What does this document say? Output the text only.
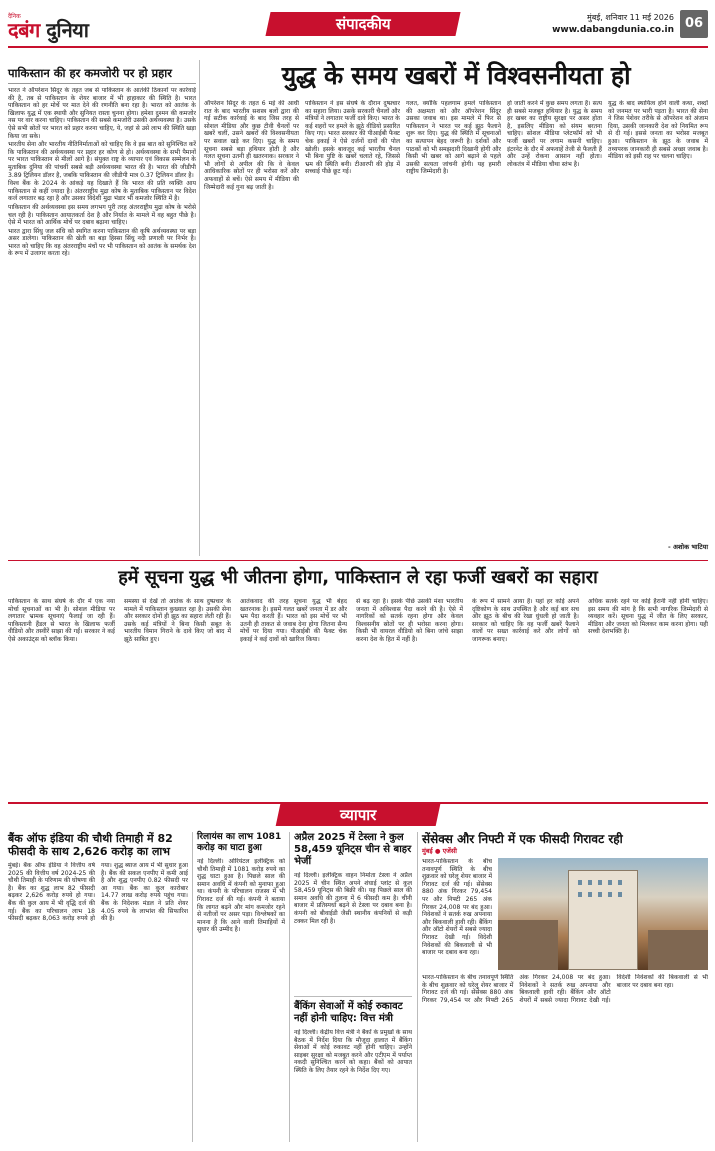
दैनिक
दबंग दुनिया	संपादकीय	मुंबई, शनिवार 11 मई 2026
www.dabangdunia.co.in 06
पाकिस्तान की हर कमजोरी पर हो प्रहार

भारत ने ऑपरेशन सिंदूर के तहत जब से पाकिस्तान के आतंकी ठिकानों पर कार्रवाई की है, तब से पाकिस्तान के शेयर बाजार में भी हाहाकार की स्थिति है। भारत पाकिस्तान को हर मोर्चे पर मात देने की रणनीति बना रहा है। भारत को आतंक के खिलाफ युद्ध में एक स्थायी और सुनियत रास्ता चुनना होगा। हमेशा दुश्मन की कमजोर नस पर वार करना चाहिए। पाकिस्तान की सबसे कमजोरी उसकी अर्थव्यवस्था है। उसके ऐसे सभी स्रोतों पर भारत को प्रहार करना चाहिए, ये, जहां से उसे लाभ की स्थिति खड़ा किया जा सके।

भारतीय सेना और भारतीय नीतिनिर्माताओं को चाहिए कि वे इस बात को सुनिश्चित करें कि पाकिस्तान की अर्थव्यवस्था पर प्रहार हर कोण से हो। अर्थव्यवस्था के सभी पैमानों पर भारत पाकिस्तान से मीलों आगे है। संयुक्त राष्ट्र के व्यापार एवं विकास सम्मेलन के मुताबिक दुनिया की पांचवीं सबसे बड़ी अर्थव्यवस्था भारत की है। भारत की जीडीपी 3.89 ट्रिलियन डॉलर है, जबकि पाकिस्तान की जीडीपी मात्र 0.37 ट्रिलियन डॉलर है।

विश्व बैंक के 2024 के आंकड़े यह दिखाते हैं कि भारत की प्रति व्यक्ति आय पाकिस्तान से कहीं ज्यादा है। अंतरराष्ट्रीय मुद्रा कोष के मुताबिक पाकिस्तान पर विदेश कर्ज लगातार बढ़ रहा है और उसका विदेशी मुद्रा भंडार भी कमजोर स्थिति में है।

पाकिस्तान की अर्थव्यवस्था इस समय लगभग पूरी तरह अंतरराष्ट्रीय मुद्रा कोष के भरोसे चल रही है। पाकिस्तान आयातकर्ता देश है और निर्यात के मामले में वह बहुत पीछे है। ऐसे में भारत को आर्थिक मोर्चे पर दबाव बढ़ाना चाहिए।

भारत द्वारा सिंधु जल संधि को स्थगित करना पाकिस्तान की कृषि अर्थव्यवस्था पर बड़ा असर डालेगा। पाकिस्तान की खेती का बड़ा हिस्सा सिंधु नदी प्रणाली पर निर्भर है। भारत को चाहिए कि वह अंतरराष्ट्रीय मंचों पर भी पाकिस्तान को आतंक के समर्थक देश के रूप में उजागर करता रहे।

युद्ध के समय खबरों में विश्वसनीयता हो
ऑपरेशन सिंदूर के तहत 6 मई की आधी रात के बाद भारतीय सशस्त्र बलों द्वारा की गई सटीक कार्रवाई के बाद जिस तरह से सोशल मीडिया और कुछ टीवी चैनलों पर खबरें चलीं, उसने खबरों की विश्वसनीयता पर सवाल खड़े कर दिए। युद्ध के समय सूचना सबसे बड़ा हथियार होती है और गलत सूचना उतनी ही खतरनाक। सरकार ने भी लोगों से अपील की कि वे केवल आधिकारिक स्रोतों पर ही भरोसा करें और अफवाहों से बचें। ऐसे समय में मीडिया की जिम्मेदारी कई गुना बढ़ जाती है।
पाकिस्तान ने इस संघर्ष के दौरान दुष्प्रचार का सहारा लिया। उसके सरकारी चैनलों और मंत्रियों ने लगातार फर्जी दावे किए। भारत के कई शहरों पर हमले के झूठे वीडियो प्रसारित किए गए। भारत सरकार की पीआईबी फैक्ट चेक इकाई ने ऐसे दर्जनों दावों की पोल खोली। इसके बावजूद कई भारतीय चैनल भी बिना पुष्टि के खबरें चलाते रहे, जिससे भ्रम की स्थिति बनी। टीआरपी की होड़ में सच्चाई पीछे छूट गई।
गलत, क्योंकि पहलगाम हमले पाकिस्तान की अक्षमता को और ऑपरेशन सिंदूर उसका जवाब था। इस मामले में फिर से पाकिस्तान ने भारत पर कई झूठ फैलाने शुरू कर दिए। युद्ध की स्थिति में सूचनाओं का सत्यापन बेहद जरूरी है। दर्शकों और पाठकों को भी समझदारी दिखानी होगी और किसी भी खबर को आगे बढ़ाने से पहले उसकी सत्यता जांचनी होगी। यह हमारी राष्ट्रीय जिम्मेदारी है।
हो जाती करने में कुछ समय लगता है। सत्य ही सबसे मजबूत हथियार है। युद्ध के समय हर खबर का राष्ट्रीय सुरक्षा पर असर होता है, इसलिए मीडिया को संयम बरतना चाहिए। सोशल मीडिया प्लेटफॉर्म को भी फर्जी खबरों पर लगाम कसनी चाहिए। इंटरनेट के दौर में अफवाहें तेजी से फैलती हैं और उन्हें रोकना आसान नहीं होता। लोकतंत्र में मीडिया चौथा स्तंभ है।
युद्ध के बाद स्थायित्व होने वाली कथा, शब्दों को जनमत पर भारी पड़ता है। भारत की सेना ने जिस पेशेवर तरीके से ऑपरेशन को अंजाम दिया, उसकी जानकारी देश को नियमित रूप से दी गई। इससे जनता का भरोसा मजबूत हुआ। पाकिस्तान के झूठ के जवाब में तथ्यपरक जानकारी ही सबसे अच्छा जवाब है। मीडिया को इसी राह पर चलना चाहिए।
- अशोक भाटिया
हमें सूचना युद्ध भी जीतना होगा, पाकिस्तान ले रहा फर्जी खबरों का सहारा
पाकिस्तान के साथ संघर्ष के दौर में एक नया मोर्चा सूचनाओं का भी है। सोशल मीडिया पर लगातार भ्रामक सूचनाएं फैलाई जा रही हैं। पाकिस्तानी हैंडल से भारत के खिलाफ फर्जी वीडियो और तस्वीरें साझा की गईं। सरकार ने कई ऐसे अकाउंट्स को ब्लॉक किया।
समस्या से देखें तो आतंक के साथ दुष्प्रचार के मामले में पाकिस्तान कुख्यात रहा है। उसकी सेना और सरकार दोनों ही झूठ का सहारा लेती रही हैं। उसके कई मंत्रियों ने बिना किसी सबूत के भारतीय विमान गिराने के दावे किए जो बाद में झूठे साबित हुए।
आतंकवाद की तरह सूचना युद्ध भी बेहद खतरनाक है। इसमें गलत खबरें जनता में डर और भ्रम पैदा करती हैं। भारत को इस मोर्चे पर भी उतनी ही ताकत से जवाब देना होगा जितना सैन्य मोर्चे पर दिया गया। पीआईबी की फैक्ट चेक इकाई ने कई दावों को खारिज किया।
से बढ़ रहा है। इसके पीछे उसकी मंशा भारतीय जनता में अविश्वास पैदा करने की है। ऐसे में नागरिकों को सतर्क रहना होगा और केवल विश्वसनीय स्रोतों पर ही भरोसा करना होगा। किसी भी वायरल वीडियो को बिना जांचे साझा करना देश के हित में नहीं है।
के रूप में सामने आया है। यहां हर कोई अपने दृष्टिकोण के साथ उपस्थित है और कई बार सच और झूठ के बीच की रेखा धुंधली हो जाती है। सरकार को चाहिए कि वह फर्जी खबरें फैलाने वालों पर सख्त कार्रवाई करे और लोगों को जागरूक बनाए।
अधिक सतर्क रहने पर कोई हैरानी नहीं होनी चाहिए। इस समय की मांग है कि सभी नागरिक जिम्मेदारी से व्यवहार करें। सूचना युद्ध में जीत के लिए सरकार, मीडिया और जनता को मिलकर काम करना होगा। यही सच्ची देशभक्ति है।
व्यापार
बैंक ऑफ इंडिया की चौथी तिमाही में 82 फीसदी के साथ 2,626 करोड़ का लाभ
मुंबई। बैंक ऑफ इंडिया ने वित्तीय वर्ष 2025 की वित्तीय वर्ष 2024-25 की चौथी तिमाही के परिणाम की घोषणा की है। बैंक का शुद्ध लाभ 82 फीसदी बढ़कर 2,626 करोड़ रुपये हो गया। बैंक की कुल आय में भी वृद्धि दर्ज की गई। बैंक का परिचालन लाभ 18 फीसदी बढ़कर 8,063 करोड़ रुपये हो गया। शुद्ध ब्याज आय में भी सुधार हुआ है। बैंक की सकल एनपीए में कमी आई है और शुद्ध एनपीए 0.82 फीसदी पर आ गया। बैंक का कुल कारोबार 14.77 लाख करोड़ रुपये पहुंच गया। बैंक के निदेशक मंडल ने प्रति शेयर 4.05 रुपये के लाभांश की सिफारिश की है।
रिलायंस का लाभ 1081 करोड़ का घाटा हुआ
नई दिल्ली। ओरियंटल इलेक्ट्रिक को चौथी तिमाही में 1081 करोड़ रुपये का शुद्ध घाटा हुआ है। पिछले साल की समान अवधि में कंपनी को मुनाफा हुआ था। कंपनी के परिचालन राजस्व में भी गिरावट दर्ज की गई। कंपनी ने बताया कि लागत बढ़ने और मांग कमजोर रहने से नतीजों पर असर पड़ा। विश्लेषकों का मानना है कि आने वाली तिमाहियों में सुधार की उम्मीद है।
अप्रैल 2025 में टेस्ला ने कुल 58,459 यूनिट्स चीन से बाहर भेजीं
नई दिल्ली। इलेक्ट्रिक वाहन निर्माता टेस्ला ने अप्रैल 2025 में चीन स्थित अपने शंघाई प्लांट से कुल 58,459 यूनिट्स की बिक्री की। यह पिछले साल की समान अवधि की तुलना में 6 फीसदी कम है। चीनी बाजार में प्रतिस्पर्धा बढ़ने से टेस्ला पर दबाव बना है। कंपनी को बीवाईडी जैसी स्थानीय कंपनियों से कड़ी टक्कर मिल रही है।
बैंकिंग सेवाओं में कोई रुकावट नहीं होनी चाहिए: वित्त मंत्री
नई दिल्ली। केंद्रीय वित्त मंत्री ने बैंकों के प्रमुखों के साथ बैठक में निर्देश दिया कि मौजूदा हालात में बैंकिंग सेवाओं में कोई रुकावट नहीं होनी चाहिए। उन्होंने साइबर सुरक्षा को मजबूत करने और एटीएम में पर्याप्त नकदी सुनिश्चित करने को कहा। बैंकों को आपात स्थिति के लिए तैयार रहने के निर्देश दिए गए।
सेंसेक्स और निफ्टी में एक फीसदी गिरावट रही
मुंबई ● एजेंसी
भारत-पाकिस्तान के बीच तनावपूर्ण स्थिति के बीच शुक्रवार को घरेलू शेयर बाजार में गिरावट दर्ज की गई। सेंसेक्स 880 अंक गिरकर 79,454 पर और निफ्टी 265 अंक गिरकर 24,008 पर बंद हुआ। निवेशकों ने सतर्क रुख अपनाया और बिकवाली हावी रही। बैंकिंग और ऑटो शेयरों में सबसे ज्यादा गिरावट देखी गई। विदेशी निवेशकों की बिकवाली से भी बाजार पर दबाव बना रहा।
भारत-पाकिस्तान के बीच तनावपूर्ण स्थिति के बीच शुक्रवार को घरेलू शेयर बाजार में गिरावट दर्ज की गई। सेंसेक्स 880 अंक गिरकर 79,454 पर और निफ्टी 265 अंक गिरकर 24,008 पर बंद हुआ। निवेशकों ने सतर्क रुख अपनाया और बिकवाली हावी रही। बैंकिंग और ऑटो शेयरों में सबसे ज्यादा गिरावट देखी गई। विदेशी निवेशकों की बिकवाली से भी बाजार पर दबाव बना रहा।
